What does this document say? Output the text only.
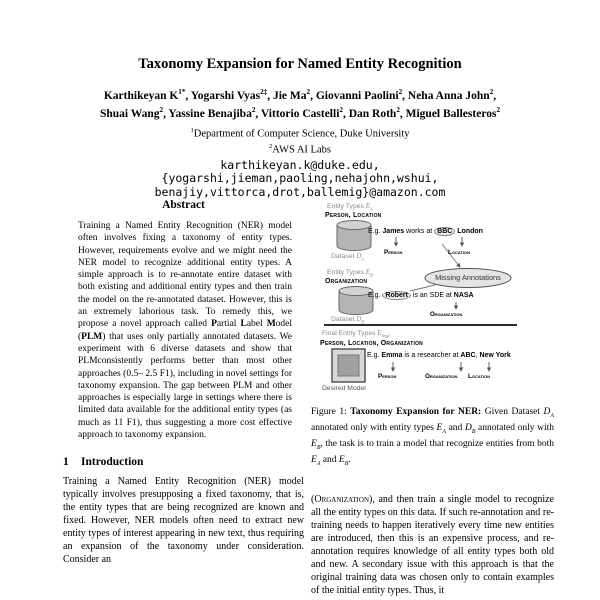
Taxonomy Expansion for Named Entity Recognition
Karthikeyan $K^{1*}$, Yogarshi Vyas$^{2\ddagger}$, Jie Ma$^2$, Giovanni Paolini$^2$, Neha Anna John$^2$,
Shuai Wang$^2$, Yassine Benajiba$^2$, Vittorio Castelli$^2$, Dan Roth$^2$, Miguel Ballesteros$^2$
$^1$Department of Computer Science, Duke University
$^2$AWS AI Labs
karthikeyan.k@duke.edu,
{yogarshi,jieman,paoling,nehajohn,wshui,
benajiy,vittorca,drot,ballemig}@amazon.com
Abstract
Training a Named Entity Recognition (NER) model often involves fixing a taxonomy of entity types. However, requirements evolve and we might need the NER model to recognize additional entity types. A simple approach is to re-annotate entire dataset with both existing and additional entity types and then train the model on the re-annotated dataset. However, this is an extremely laborious task. To remedy this, we propose a novel approach called Partial Label Model (PLM) that uses only partially annotated datasets. We experiment with 6 diverse datasets and show that PLMconsistently performs better than most other approaches (0.5– 2.5 F1), including in novel settings for taxonomy expansion. The gap between PLM and other approaches is especially large in settings where there is limited data available for the additional entity types (as much as 11 F1), thus suggesting a more cost effective approach to taxonomy expansion.
1 Introduction
Training a Named Entity Recognition (NER) model typically involves presupposing a fixed taxonomy, that is, the entity types that are being recognized are known and fixed. However, NER models often need to extract new entity types of interest appearing in new text, thus requiring an expansion of the taxonomy under consideration. Consider an
Entity Types $E_A$
Person, Location
E.g. James works at BBC London
Person	Location
Dataset $D_A$
Missing Annotations
Entity Types $E_B$
Organization
E.g. Robert is an SDE at NASA
Organization
Dataset $D_B$
Final Entity Types $E_{final}$
Person, Location, Organization
E.g. Emma is a researcher at ABC, New York
Person	Organization Location
Desired Model
Figure 1: Taxonomy Expansion for NER: Given Dataset $D_A$ annotated only with entity types $E_A$ and $D_B$ annotated only with $E_B$, the task is to train a model that recognize entities from both $E_A$ and $E_B$.
(Organization), and then train a single model to recognize all the entity types on this data. If such re-annotation and re-training needs to happen iteratively every time new entities are introduced, then this is an expensive process, and re-annotation requires knowledge of all entity types both old and new. A secondary issue with this approach is that the original training data was chosen only to contain examples of the initial entity types. Thus, it
